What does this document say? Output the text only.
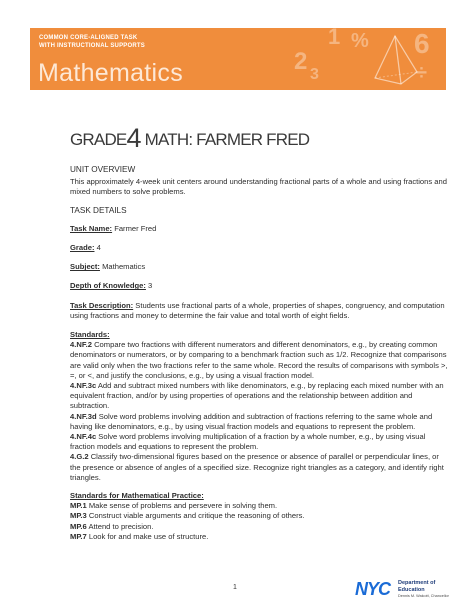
COMMON CORE-ALIGNED TASK
WITH INSTRUCTIONAL SUPPORTS
Mathematics	2
1 %
3
6
÷
GRADE4 MATH: FARMER FRED
UNIT OVERVIEW

This approximately 4-week unit centers around understanding fractional parts of a whole and using fractions and mixed numbers to solve problems.

TASK DETAILS

Task Name: Farmer Fred

Grade: 4

Subject: Mathematics

Depth of Knowledge: 3

Task Description: Students use fractional parts of a whole, properties of shapes, congruency, and computation using fractions and money to determine the fair value and total worth of eight fields.

Standards:

4.NF.2 Compare two fractions with different numerators and different denominators, e.g., by creating common denominators or numerators, or by comparing to a benchmark fraction such as 1/2. Recognize that comparisons are valid only when the two fractions refer to the same whole. Record the results of comparisons with symbols >, =, or <, and justify the conclusions, e.g., by using a visual fraction model.

4.NF.3c Add and subtract mixed numbers with like denominators, e.g., by replacing each mixed number with an equivalent fraction, and/or by using properties of operations and the relationship between addition and subtraction.

4.NF.3d Solve word problems involving addition and subtraction of fractions referring to the same whole and having like denominators, e.g., by using visual fraction models and equations to represent the problem.

4.NF.4c Solve word problems involving multiplication of a fraction by a whole number, e.g., by using visual fraction models and equations to represent the problem.

4.G.2 Classify two-dimensional figures based on the presence or absence of parallel or perpendicular lines, or the presence or absence of angles of a specified size. Recognize right triangles as a category, and identify right triangles.

Standards for Mathematical Practice:

MP.1 Make sense of problems and persevere in solving them.

MP.3 Construct viable arguments and critique the reasoning of others.

MP.6 Attend to precision.

MP.7 Look for and make use of structure.

1	NYC Department of
Education
Dennis M. Walcott, Chancellor
